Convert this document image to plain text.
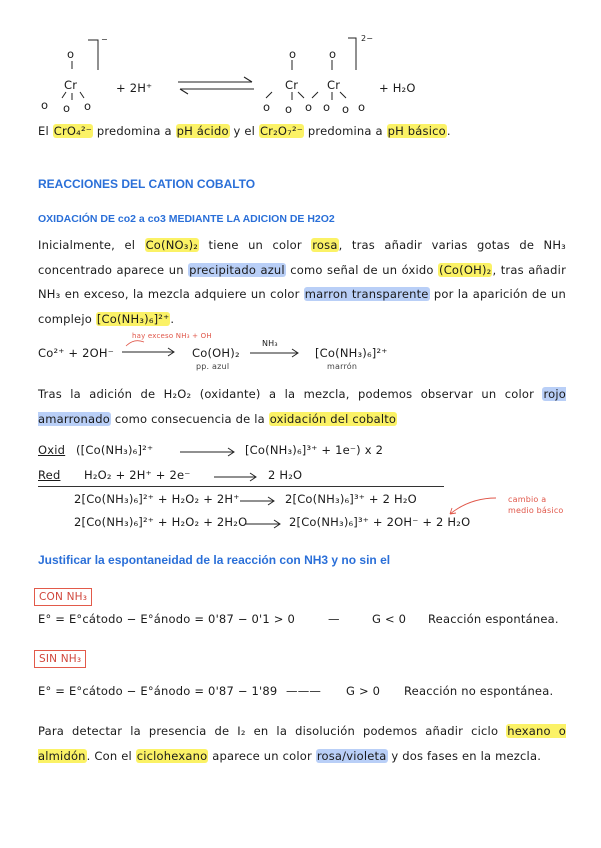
o
Cr
−
o o o
+ 2H⁺
o	o
Cr	Cr
2−
o o o o o o
+ H₂O
El CrO₄²⁻ predomina a pH ácido y el Cr₂O₇²⁻ predomina a pH básico.
REACCIONES DEL CATION COBALTO
OXIDACIÓN DE co2 a co3 MEDIANTE LA ADICION DE H2O2
Inicialmente, el Co(NO₃)₂ tiene un color rosa, tras añadir varias gotas de NH₃ concentrado aparece un precipitado azul como señal de un óxido (Co(OH)₂, tras añadir NH₃ en exceso, la mezcla adquiere un color marron transparente por la aparición de un complejo [Co(NH₃)₆]²⁺.
Co²⁺ + 2OH⁻
hay exceso NH₃ + OH
Co(OH)₂
pp. azul
NH₃
[Co(NH₃)₆]²⁺
marrón
Tras la adición de H₂O₂ (oxidante) a la mezcla, podemos observar un color rojo amarronado como consecuencia de la oxidación del cobalto
Oxid ([Co(NH₃)₆]²⁺	[Co(NH₃)₆]³⁺ + 1e⁻) x 2
Red H₂O₂ + 2H⁺ + 2e⁻	2 H₂O
2[Co(NH₃)₆]²⁺ + H₂O₂ + 2H⁺ → 2[Co(NH₃)₆]³⁺ + 2 H₂O
2[Co(NH₃)₆]²⁺ + H₂O₂ + 2H₂O → 2[Co(NH₃)₆]³⁺ + 2OH⁻ + 2 H₂O
cambio a medio básico
Justificar la espontaneidad de la reacción con NH3 y no sin el
CON NH₃
E° = E°cátodo − E°ánodo = 0'87 − 0'1 > 0	—	G < 0 Reacción espontánea.
SIN NH₃
E° = E°cátodo − E°ánodo = 0'87 − 1'89 ——— G > 0 Reacción no espontánea.
Para detectar la presencia de I₂ en la disolución podemos añadir ciclo hexano o almidón. Con el ciclohexano aparece un color rosa/violeta y dos fases en la mezcla.
